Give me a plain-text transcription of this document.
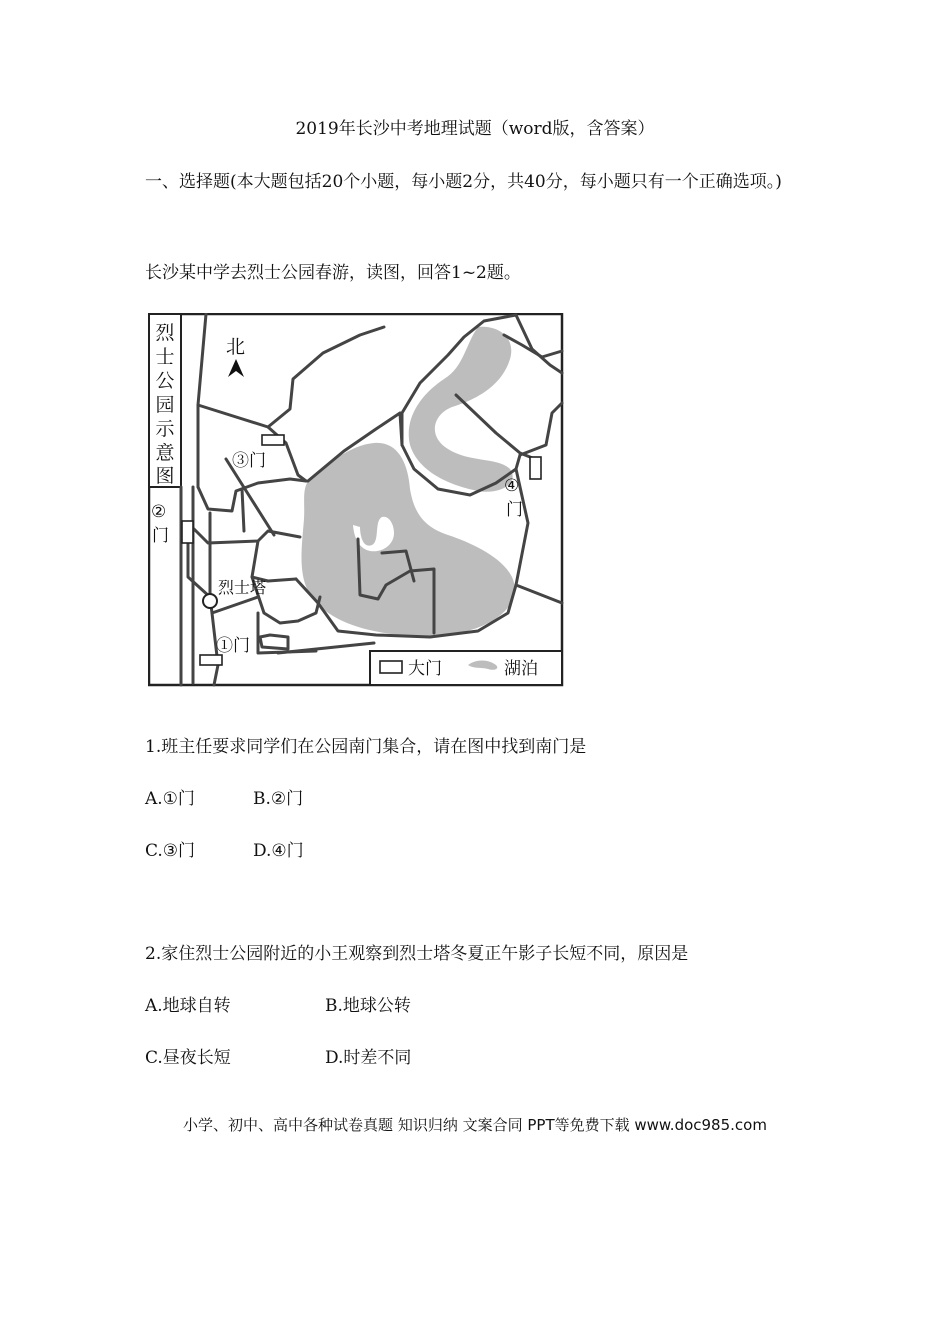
2019年长沙中考地理试题（word版，含答案）
一、选择题(本大题包括20个小题，每小题2分，共40分，每小题只有一个正确选项。)
长沙某中学去烈士公园春游，读图，回答1~2题。
烈
士
公
园
示
意
图
烈士塔
③门
②
门
④
门
①门
北
大门	湖泊
1.班主任要求同学们在公园南门集合，请在图中找到南门是
A.①门	B.②门
C.③门	D.④门
2.家住烈士公园附近的小王观察到烈士塔冬夏正午影子长短不同，原因是
A.地球自转	B.地球公转
C.昼夜长短	D.时差不同
小学、初中、高中各种试卷真题 知识归纳 文案合同 PPT等免费下载 www.doc985.com
